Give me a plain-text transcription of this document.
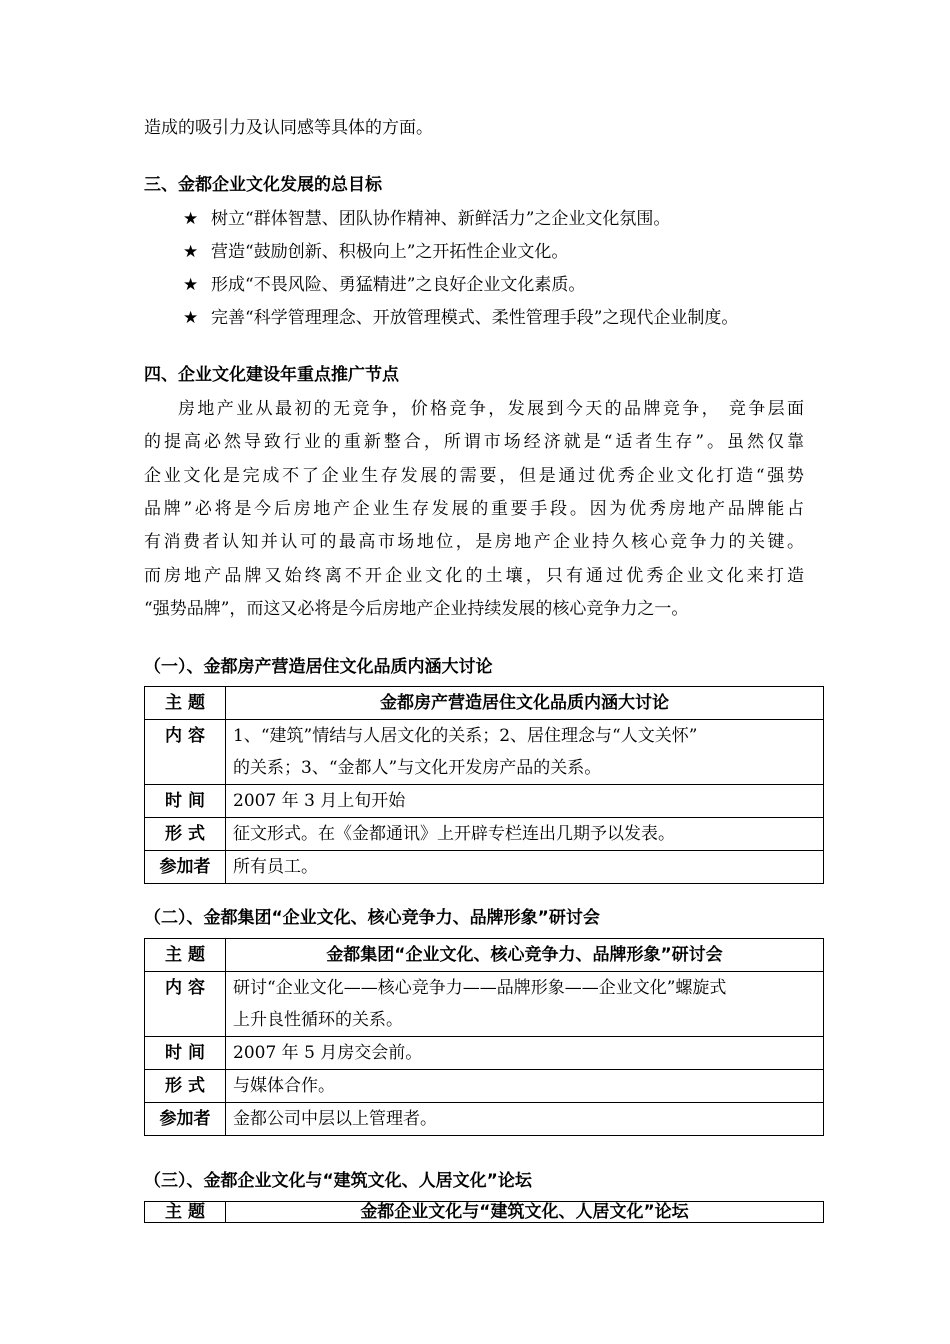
造成的吸引力及认同感等具体的方面。
三、金都企业文化发展的总目标
★ 树立“群体智慧、团队协作精神、新鲜活力”之企业文化氛围。
★ 营造“鼓励创新、积极向上”之开拓性企业文化。
★ 形成“不畏风险、勇猛精进”之良好企业文化素质。
★ 完善“科学管理理念、开放管理模式、柔性管理手段”之现代企业制度。
四、企业文化建设年重点推广节点
房地产业从最初的无竞争，价格竞争，发展到今天的品牌竞争， 竞争层面
的提高必然导致行业的重新整合，所谓市场经济就是“适者生存”。虽然仅靠
企业文化是完成不了企业生存发展的需要，但是通过优秀企业文化打造“强势
品牌”必将是今后房地产企业生存发展的重要手段。因为优秀房地产品牌能占
有消费者认知并认可的最高市场地位，是房地产企业持久核心竞争力的关键。
而房地产品牌又始终离不开企业文化的土壤，只有通过优秀企业文化来打造
“强势品牌”，而这又必将是今后房地产企业持续发展的核心竞争力之一。
（一）、金都房产营造居住文化品质内涵大讨论
主 题	金都房产营造居住文化品质内涵大讨论
内 容	1、“建筑”情结与人居文化的关系；2、居住理念与“人文关怀”
的关系；3、“金都人”与文化开发房产品的关系。

时 间	2007 年 3 月上旬开始
形 式	征文形式。在《金都通讯》上开辟专栏连出几期予以发表。
参加者	所有员工。
（二）、金都集团“企业文化、核心竞争力、品牌形象”研讨会
主 题	金都集团“企业文化、核心竞争力、品牌形象”研讨会
内 容	研讨“企业文化——核心竞争力——品牌形象——企业文化”螺旋式
上升良性循环的关系。

时 间	2007 年 5 月房交会前。
形 式	与媒体合作。
参加者	金都公司中层以上管理者。
（三）、金都企业文化与“建筑文化、人居文化”论坛
主 题	金都企业文化与“建筑文化、人居文化”论坛
